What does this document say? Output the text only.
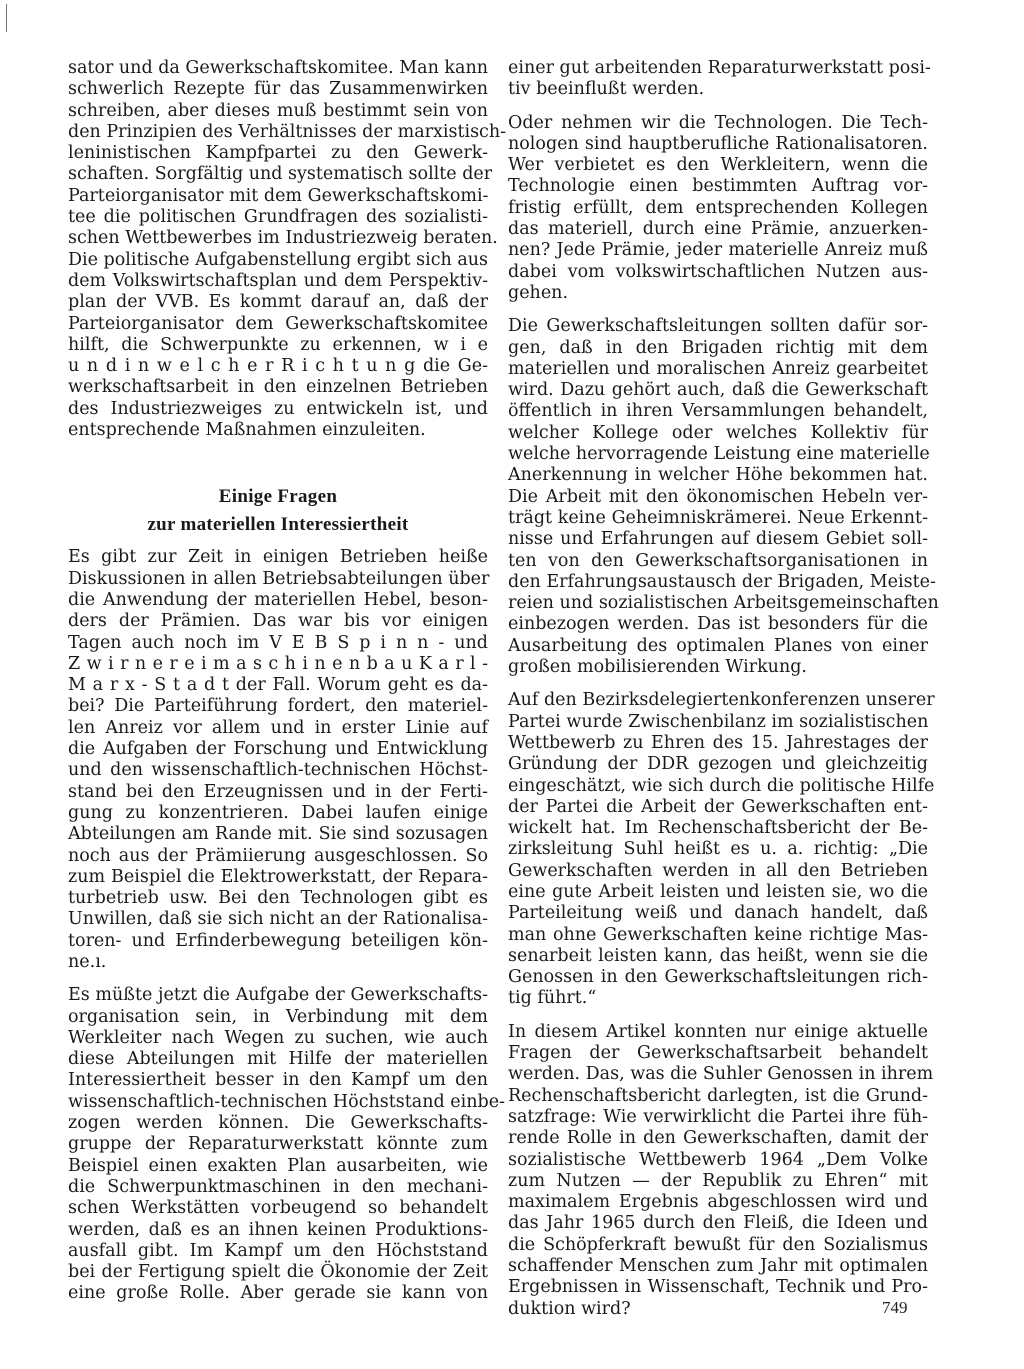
sator und da Gewerkschaftskomitee. Man kann
schwerlich Rezepte für das Zusammenwirken
schreiben, aber dieses muß bestimmt sein von
den Prinzipien des Verhältnisses der marxistisch-
leninistischen Kampfpartei zu den Gewerk-
schaften. Sorgfältig und systematisch sollte der
Parteiorganisator mit dem Gewerkschaftskomi-
tee die politischen Grundfragen des sozialisti-
schen Wettbewerbes im Industriezweig beraten.
Die politische Aufgabenstellung ergibt sich aus
dem Volkswirtschaftsplan und dem Perspektiv-
plan der VVB. Es kommt darauf an, daß der
Parteiorganisator dem Gewerkschaftskomitee
hilft, die Schwerpunkte zu erkennen, w i e
u n d i n w e l c h e r R i c h t u n g die Ge-
werkschaftsarbeit in den einzelnen Betrieben
des Industriezweiges zu entwickeln ist, und
entsprechende Maßnahmen einzuleiten.
Einige Fragen
zur materiellen Interessiertheit
Es gibt zur Zeit in einigen Betrieben heiße
Diskussionen in allen Betriebsabteilungen über
die Anwendung der materiellen Hebel, beson-
ders der Prämien. Das war bis vor einigen
Tagen auch noch im V E B S p i n n - und
Z w i r n e r e i m a s c h i n e n b a u K a r l -
M a r x - S t a d t der Fall. Worum geht es da-
bei? Die Parteiführung fordert, den materiel-
len Anreiz vor allem und in erster Linie auf
die Aufgaben der Forschung und Entwicklung
und den wissenschaftlich-technischen Höchst-
stand bei den Erzeugnissen und in der Ferti-
gung zu konzentrieren. Dabei laufen einige
Abteilungen am Rande mit. Sie sind sozusagen
noch aus der Prämiierung ausgeschlossen. So
zum Beispiel die Elektrowerkstatt, der Repara-
turbetrieb usw. Bei den Technologen gibt es
Unwillen, daß sie sich nicht an der Rationalisa-
toren- und Erfinderbewegung beteiligen kön-
ne.ı.
Es müßte jetzt die Aufgabe der Gewerkschafts-
organisation sein, in Verbindung mit dem
Werkleiter nach Wegen zu suchen, wie auch
diese Abteilungen mit Hilfe der materiellen
Interessiertheit besser in den Kampf um den
wissenschaftlich-technischen Höchststand einbe-
zogen werden können. Die Gewerkschafts-
gruppe der Reparaturwerkstatt könnte zum
Beispiel einen exakten Plan ausarbeiten, wie
die Schwerpunktmaschinen in den mechani-
schen Werkstätten vorbeugend so behandelt
werden, daß es an ihnen keinen Produktions-
ausfall gibt. Im Kampf um den Höchststand
bei der Fertigung spielt die Ökonomie der Zeit
eine große Rolle. Aber gerade sie kann von
einer gut arbeitenden Reparaturwerkstatt posi-
tiv beeinflußt werden.
Oder nehmen wir die Technologen. Die Tech-
nologen sind hauptberufliche Rationalisatoren.
Wer verbietet es den Werkleitern, wenn die
Technologie einen bestimmten Auftrag vor-
fristig erfüllt, dem entsprechenden Kollegen
das materiell, durch eine Prämie, anzuerken-
nen? Jede Prämie, jeder materielle Anreiz muß
dabei vom volkswirtschaftlichen Nutzen aus-
gehen.
Die Gewerkschaftsleitungen sollten dafür sor-
gen, daß in den Brigaden richtig mit dem
materiellen und moralischen Anreiz gearbeitet
wird. Dazu gehört auch, daß die Gewerkschaft
öffentlich in ihren Versammlungen behandelt,
welcher Kollege oder welches Kollektiv für
welche hervorragende Leistung eine materielle
Anerkennung in welcher Höhe bekommen hat.
Die Arbeit mit den ökonomischen Hebeln ver-
trägt keine Geheimniskrämerei. Neue Erkennt-
nisse und Erfahrungen auf diesem Gebiet soll-
ten von den Gewerkschaftsorganisationen in
den Erfahrungsaustausch der Brigaden, Meiste-
reien und sozialistischen Arbeitsgemeinschaften
einbezogen werden. Das ist besonders für die
Ausarbeitung des optimalen Planes von einer
großen mobilisierenden Wirkung.
Auf den Bezirksdelegiertenkonferenzen unserer
Partei wurde Zwischenbilanz im sozialistischen
Wettbewerb zu Ehren des 15. Jahrestages der
Gründung der DDR gezogen und gleichzeitig
eingeschätzt, wie sich durch die politische Hilfe
der Partei die Arbeit der Gewerkschaften ent-
wickelt hat. Im Rechenschaftsbericht der Be-
zirksleitung Suhl heißt es u. a. richtig: „Die
Gewerkschaften werden in all den Betrieben
eine gute Arbeit leisten und leisten sie, wo die
Parteileitung weiß und danach handelt, daß
man ohne Gewerkschaften keine richtige Mas-
senarbeit leisten kann, das heißt, wenn sie die
Genossen in den Gewerkschaftsleitungen rich-
tig führt.“
In diesem Artikel konnten nur einige aktuelle
Fragen der Gewerkschaftsarbeit behandelt
werden. Das, was die Suhler Genossen in ihrem
Rechenschaftsbericht darlegten, ist die Grund-
satzfrage: Wie verwirklicht die Partei ihre füh-
rende Rolle in den Gewerkschaften, damit der
sozialistische Wettbewerb 1964 „Dem Volke
zum Nutzen — der Republik zu Ehren“ mit
maximalem Ergebnis abgeschlossen wird und
das Jahr 1965 durch den Fleiß, die Ideen und
die Schöpferkraft bewußt für den Sozialismus
schaffender Menschen zum Jahr mit optimalen
Ergebnissen in Wissenschaft, Technik und Pro-
duktion wird?	749
